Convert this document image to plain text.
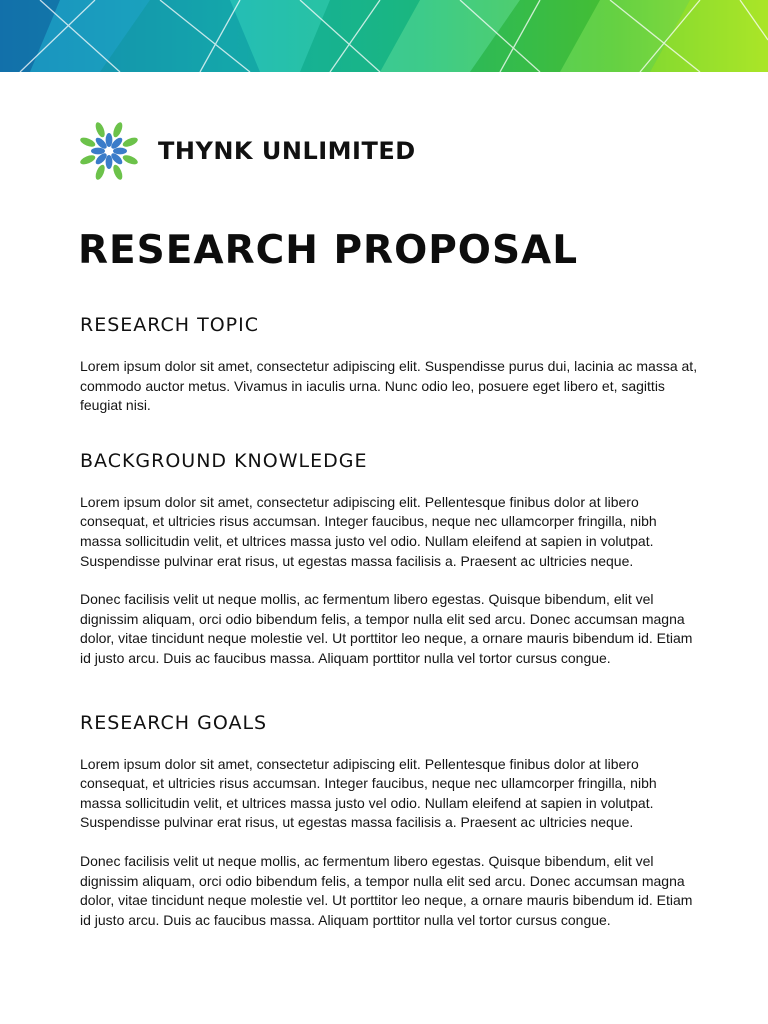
THYNK UNLIMITED
RESEARCH PROPOSAL
RESEARCH TOPIC

Lorem ipsum dolor sit amet, consectetur adipiscing elit. Suspendisse purus dui, lacinia ac massa at, commodo auctor metus. Vivamus in iaculis urna. Nunc odio leo, posuere eget libero et, sagittis feugiat nisi.

BACKGROUND KNOWLEDGE

Lorem ipsum dolor sit amet, consectetur adipiscing elit. Pellentesque finibus dolor at libero consequat, et ultricies risus accumsan. Integer faucibus, neque nec ullamcorper fringilla, nibh massa sollicitudin velit, et ultrices massa justo vel odio. Nullam eleifend at sapien in volutpat. Suspendisse pulvinar erat risus, ut egestas massa facilisis a. Praesent ac ultricies neque.

Donec facilisis velit ut neque mollis, ac fermentum libero egestas. Quisque bibendum, elit vel dignissim aliquam, orci odio bibendum felis, a tempor nulla elit sed arcu. Donec accumsan magna dolor, vitae tincidunt neque molestie vel. Ut porttitor leo neque, a ornare mauris bibendum id. Etiam id justo arcu. Duis ac faucibus massa. Aliquam porttitor nulla vel tortor cursus congue.

RESEARCH GOALS

Lorem ipsum dolor sit amet, consectetur adipiscing elit. Pellentesque finibus dolor at libero consequat, et ultricies risus accumsan. Integer faucibus, neque nec ullamcorper fringilla, nibh massa sollicitudin velit, et ultrices massa justo vel odio. Nullam eleifend at sapien in volutpat. Suspendisse pulvinar erat risus, ut egestas massa facilisis a. Praesent ac ultricies neque.

Donec facilisis velit ut neque mollis, ac fermentum libero egestas. Quisque bibendum, elit vel dignissim aliquam, orci odio bibendum felis, a tempor nulla elit sed arcu. Donec accumsan magna dolor, vitae tincidunt neque molestie vel. Ut porttitor leo neque, a ornare mauris bibendum id. Etiam id justo arcu. Duis ac faucibus massa. Aliquam porttitor nulla vel tortor cursus congue.
